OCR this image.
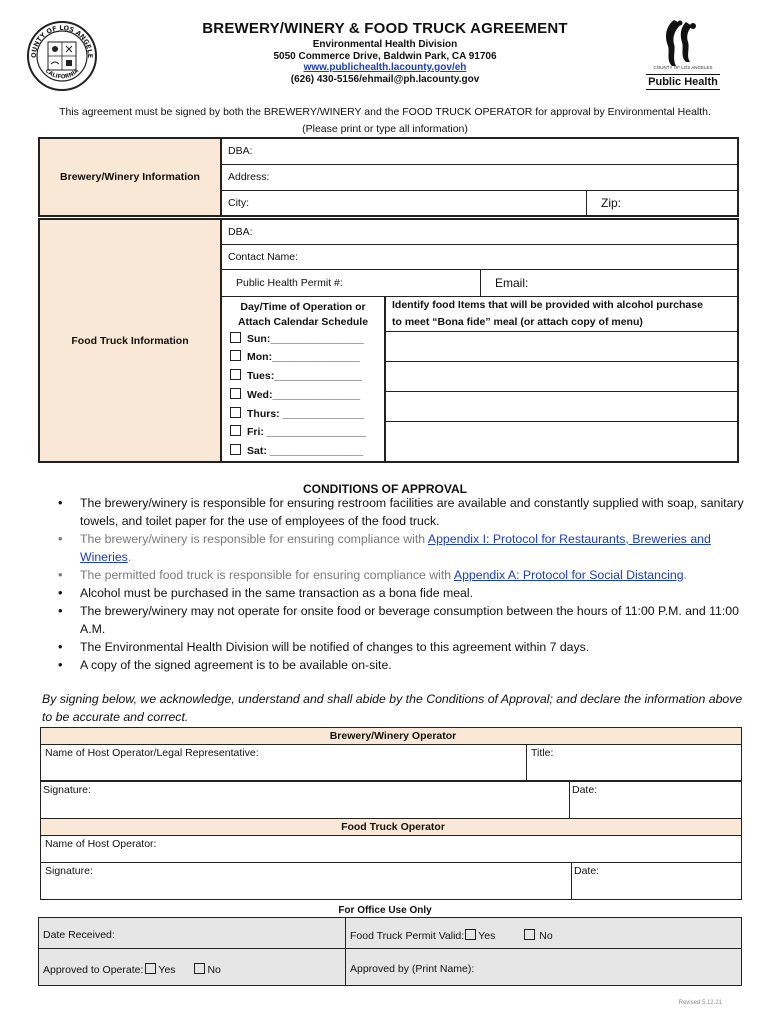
OUNTY OF LOS ANGELE
CALIFORNIA
BREWERY/WINERY & FOOD TRUCK AGREEMENT
Environmental Health Division
5050 Commerce Drive, Baldwin Park, CA 91706
www.publichealth.lacounty.gov/eh
(626) 430-5156/ehmail@ph.lacounty.gov
COUNTY OF LOS ANGELES
Public Health
This agreement must be signed by both the BREWERY/WINERY and the FOOD TRUCK OPERATOR for approval by Environmental Health.
(Please print or type all information)
Brewery/Winery Information	DBA:	
	Address:	
	City:	Zip:
Food Truck Information	DBA:
Contact Name:

Public Health Permit #:	Email:

Day/Time of Operation or
Attach Calendar Schedule
Sun:________________
Mon:_______________
Tues:_______________
Wed:_______________
Thurs: ______________
Fri: _________________
Sat: ________________

Identify food Items that will be provided with alcohol purchase
to meet “Bona fide” meal (or attach copy of menu)

CONDITIONS OF APPROVAL
• The brewery/winery is responsible for ensuring restroom facilities are available and constantly supplied with soap, sanitary towels, and toilet paper for the use of employees of the food truck.
• The brewery/winery is responsible for ensuring compliance with Appendix I: Protocol for Restaurants, Breweries and Wineries.
• The permitted food truck is responsible for ensuring compliance with Appendix A: Protocol for Social Distancing.
• Alcohol must be purchased in the same transaction as a bona fide meal.
• The brewery/winery may not operate for onsite food or beverage consumption between the hours of 11:00 P.M. and 11:00 A.M.
• The Environmental Health Division will be notified of changes to this agreement within 7 days.
• A copy of the signed agreement is to be available on-site.
By signing below, we acknowledge, understand and shall abide by the Conditions of Approval; and declare the information above to be accurate and correct.
Brewery/Winery Operator
Name of Host Operator/Legal Representative:	Title:
Signature:	Date:
Food Truck Operator
Name of Host Operator:
Signature:	Date:
For Office Use Only
Date Received:	Food Truck Permit Valid: Yes No
Approved to Operate: Yes No	Approved by (Print Name):
Revised 5.12.21
